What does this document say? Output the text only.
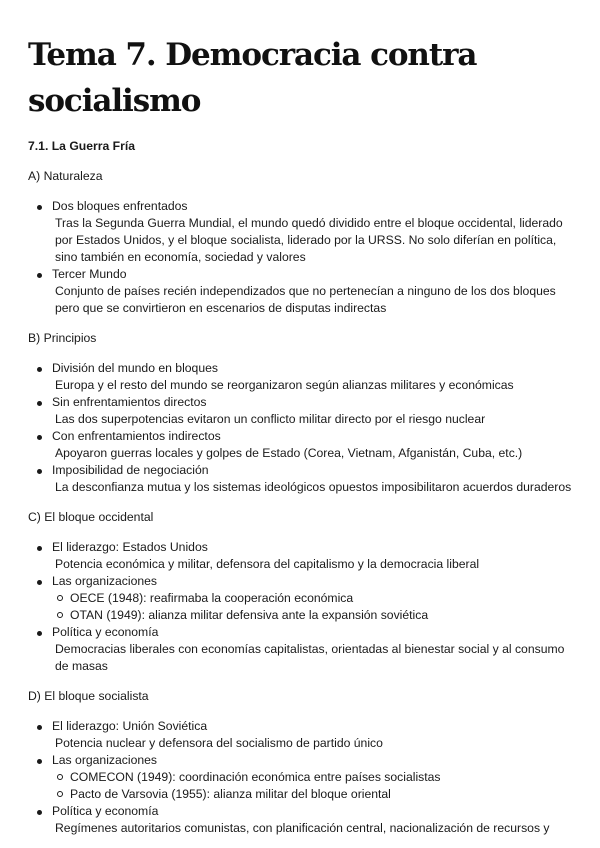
Tema 7. Democracia contra socialismo
7.1. La Guerra Fría
A) Naturaleza
Dos bloques enfrentados
Tras la Segunda Guerra Mundial, el mundo quedó dividido entre el bloque occidental, liderado por Estados Unidos, y el bloque socialista, liderado por la URSS. No solo diferían en política, sino también en economía, sociedad y valores
Tercer Mundo
Conjunto de países recién independizados que no pertenecían a ninguno de los dos bloques pero que se convirtieron en escenarios de disputas indirectas
B) Principios
División del mundo en bloques
Europa y el resto del mundo se reorganizaron según alianzas militares y económicas
Sin enfrentamientos directos
Las dos superpotencias evitaron un conflicto militar directo por el riesgo nuclear
Con enfrentamientos indirectos
Apoyaron guerras locales y golpes de Estado (Corea, Vietnam, Afganistán, Cuba, etc.)
Imposibilidad de negociación
La desconfianza mutua y los sistemas ideológicos opuestos imposibilitaron acuerdos duraderos
C) El bloque occidental
El liderazgo: Estados Unidos
Potencia económica y militar, defensora del capitalismo y la democracia liberal
Las organizaciones
OECE (1948): reafirmaba la cooperación económica
OTAN (1949): alianza militar defensiva ante la expansión soviética
Política y economía
Democracias liberales con economías capitalistas, orientadas al bienestar social y al consumo de masas
D) El bloque socialista
El liderazgo: Unión Soviética
Potencia nuclear y defensora del socialismo de partido único
Las organizaciones
COMECON (1949): coordinación económica entre países socialistas
Pacto de Varsovia (1955): alianza militar del bloque oriental
Política y economía
Regímenes autoritarios comunistas, con planificación central, nacionalización de recursos y
